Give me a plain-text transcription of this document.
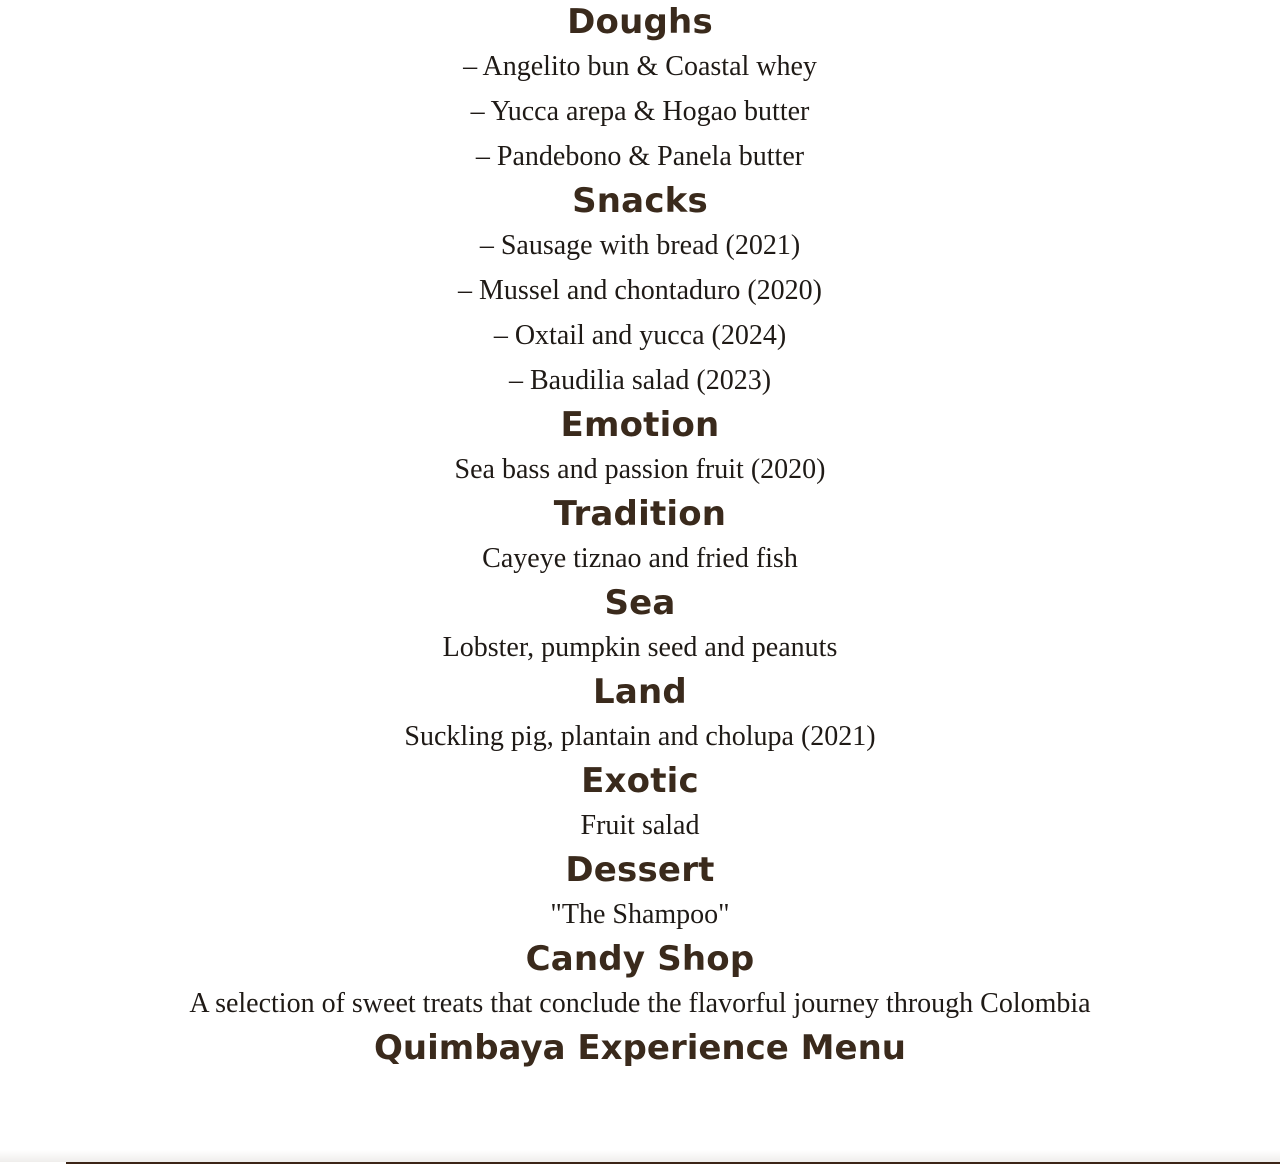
Doughs

– Angelito bun & Coastal whey

– Yucca arepa & Hogao butter

– Pandebono & Panela butter

Snacks

– Sausage with bread (2021)

– Mussel and chontaduro (2020)

– Oxtail and yucca (2024)

– Baudilia salad (2023)

Emotion

Sea bass and passion fruit (2020)

Tradition

Cayeye tiznao and fried fish

Sea

Lobster, pumpkin seed and peanuts

Land

Suckling pig, plantain and cholupa (2021)

Exotic

Fruit salad

Dessert

"The Shampoo"

Candy Shop

A selection of sweet treats that conclude the flavorful journey through Colombia

Quimbaya Experience Menu
